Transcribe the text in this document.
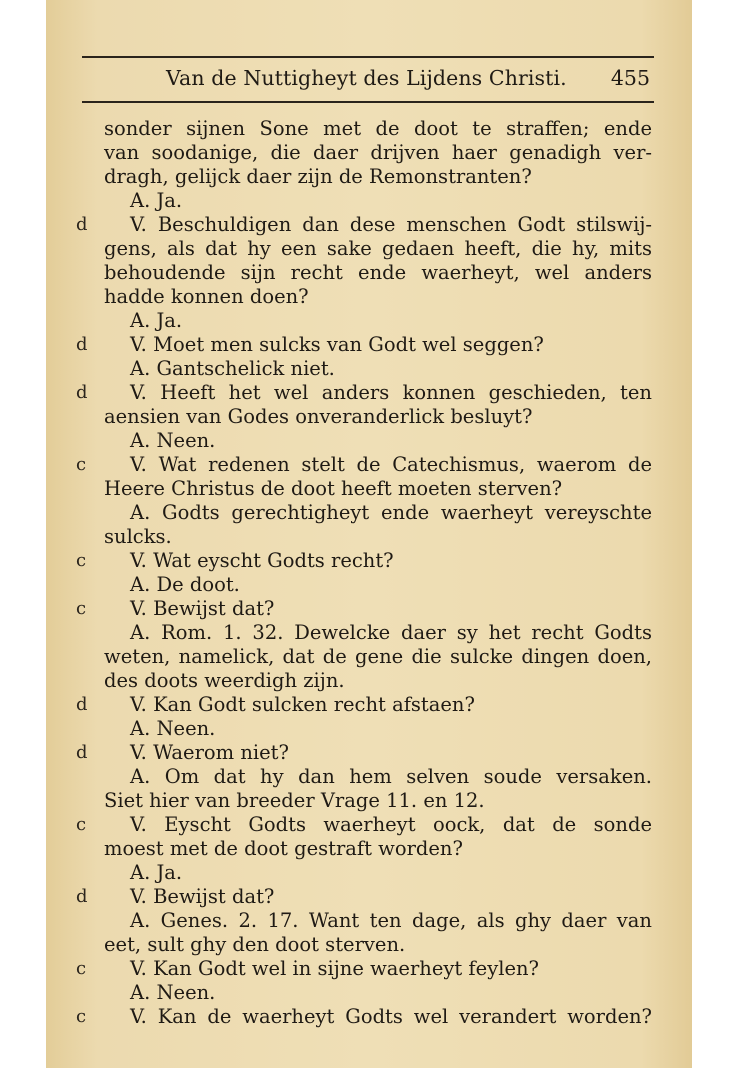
Van de Nuttigheyt des Lijdens Christi. 455
sonder sijnen Sone met de doot te straffen; ende
van soodanige, die daer drijven haer genadigh ver-
dragh, gelijck daer zijn de Remonstranten?
A. Ja.
V. Beschuldigen dan dese menschen Godt stilswij-
gens, als dat hy een sake gedaen heeft, die hy, mits
behoudende sijn recht ende waerheyt, wel anders
hadde konnen doen?
A. Ja.
V. Moet men sulcks van Godt wel seggen?
A. Gantschelick niet.
V. Heeft het wel anders konnen geschieden, ten
aensien van Godes onveranderlick besluyt?
A. Neen.
V. Wat redenen stelt de Catechismus, waerom de
Heere Christus de doot heeft moeten sterven?
A. Godts gerechtigheyt ende waerheyt vereyschte
sulcks.
V. Wat eyscht Godts recht?
A. De doot.
V. Bewijst dat?
A. Rom. 1. 32. Dewelcke daer sy het recht Godts
weten, namelick, dat de gene die sulcke dingen doen,
des doots weerdigh zijn.
V. Kan Godt sulcken recht afstaen?
A. Neen.
V. Waerom niet?
A. Om dat hy dan hem selven soude versaken.
Siet hier van breeder Vrage 11. en 12.
V. Eyscht Godts waerheyt oock, dat de sonde
moest met de doot gestraft worden?
A. Ja.
V. Bewijst dat?
A. Genes. 2. 17. Want ten dage, als ghy daer van
eet, sult ghy den doot sterven.
V. Kan Godt wel in sijne waerheyt feylen?
A. Neen.
V. Kan de waerheyt Godts wel verandert worden?
d
d
d
c
c
c
d
d
c
d
c
c
